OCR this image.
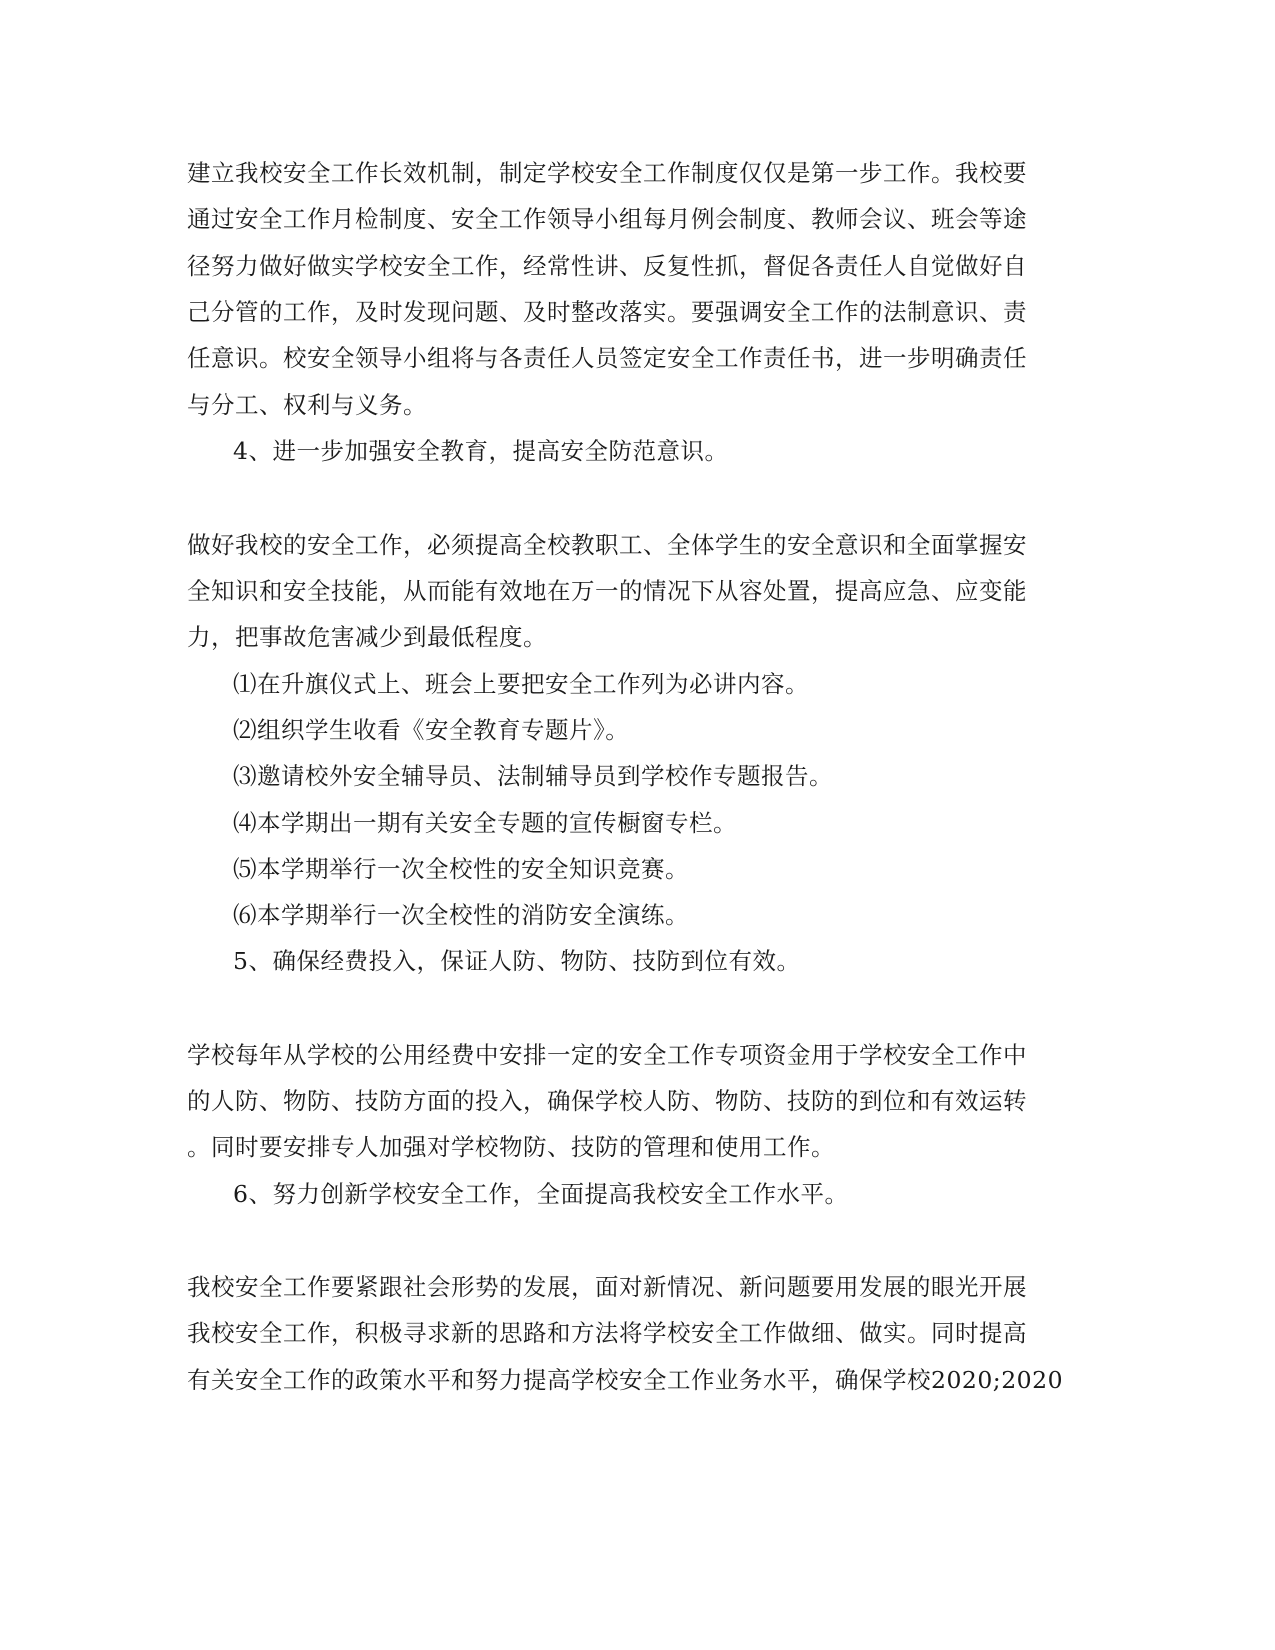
建立我校安全工作长效机制，制定学校安全工作制度仅仅是第一步工作。我校要
通过安全工作月检制度、安全工作领导小组每月例会制度、教师会议、班会等途
径努力做好做实学校安全工作，经常性讲、反复性抓，督促各责任人自觉做好自
己分管的工作，及时发现问题、及时整改落实。要强调安全工作的法制意识、责
任意识。校安全领导小组将与各责任人员签定安全工作责任书，进一步明确责任
与分工、权利与义务。
4、进一步加强安全教育，提高安全防范意识。
做好我校的安全工作，必须提高全校教职工、全体学生的安全意识和全面掌握安
全知识和安全技能，从而能有效地在万一的情况下从容处置，提高应急、应变能
力，把事故危害减少到最低程度。
⑴在升旗仪式上、班会上要把安全工作列为必讲内容。
⑵组织学生收看《安全教育专题片》。
⑶邀请校外安全辅导员、法制辅导员到学校作专题报告。
⑷本学期出一期有关安全专题的宣传橱窗专栏。
⑸本学期举行一次全校性的安全知识竞赛。
⑹本学期举行一次全校性的消防安全演练。
5、确保经费投入，保证人防、物防、技防到位有效。
学校每年从学校的公用经费中安排一定的安全工作专项资金用于学校安全工作中
的人防、物防、技防方面的投入，确保学校人防、物防、技防的到位和有效运转
。同时要安排专人加强对学校物防、技防的管理和使用工作。
6、努力创新学校安全工作，全面提高我校安全工作水平。
我校安全工作要紧跟社会形势的发展，面对新情况、新问题要用发展的眼光开展
我校安全工作，积极寻求新的思路和方法将学校安全工作做细、做实。同时提高
有关安全工作的政策水平和努力提高学校安全工作业务水平，确保学校2020;2020
